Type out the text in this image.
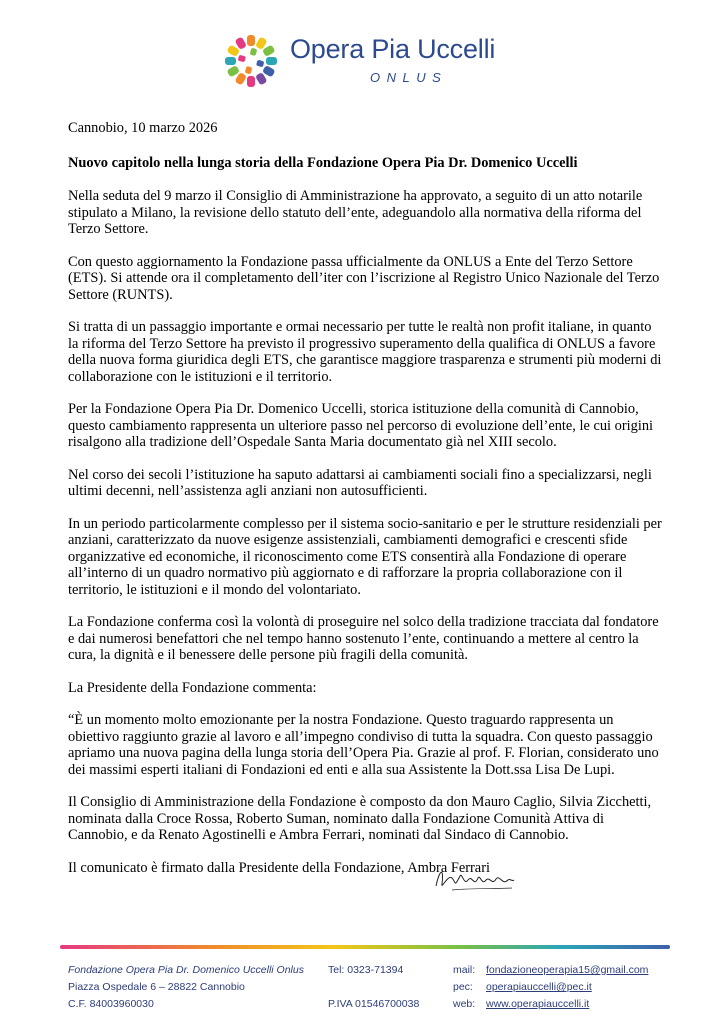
Opera Pia Uccelli
ONLUS

Cannobio, 10 marzo 2026

Nuovo capitolo nella lunga storia della Fondazione Opera Pia Dr. Domenico Uccelli

Nella seduta del 9 marzo il Consiglio di Amministrazione ha approvato, a seguito di un atto notarile stipulato a Milano, la revisione dello statuto dell’ente, adeguandolo alla normativa della riforma del Terzo Settore.

Con questo aggiornamento la Fondazione passa ufficialmente da ONLUS a Ente del Terzo Settore (ETS). Si attende ora il completamento dell’iter con l’iscrizione al Registro Unico Nazionale del Terzo Settore (RUNTS).

Si tratta di un passaggio importante e ormai necessario per tutte le realtà non profit italiane, in quanto la riforma del Terzo Settore ha previsto il progressivo superamento della qualifica di ONLUS a favore della nuova forma giuridica degli ETS, che garantisce maggiore trasparenza e strumenti più moderni di collaborazione con le istituzioni e il territorio.

Per la Fondazione Opera Pia Dr. Domenico Uccelli, storica istituzione della comunità di Cannobio, questo cambiamento rappresenta un ulteriore passo nel percorso di evoluzione dell’ente, le cui origini risalgono alla tradizione dell’Ospedale Santa Maria documentato già nel XIII secolo.

Nel corso dei secoli l’istituzione ha saputo adattarsi ai cambiamenti sociali fino a specializzarsi, negli ultimi decenni, nell’assistenza agli anziani non autosufficienti.

In un periodo particolarmente complesso per il sistema socio-sanitario e per le strutture residenziali per anziani, caratterizzato da nuove esigenze assistenziali, cambiamenti demografici e crescenti sfide organizzative ed economiche, il riconoscimento come ETS consentirà alla Fondazione di operare all’interno di un quadro normativo più aggiornato e di rafforzare la propria collaborazione con il territorio, le istituzioni e il mondo del volontariato.

La Fondazione conferma così la volontà di proseguire nel solco della tradizione tracciata dal fondatore e dai numerosi benefattori che nel tempo hanno sostenuto l’ente, continuando a mettere al centro la cura, la dignità e il benessere delle persone più fragili della comunità.

La Presidente della Fondazione commenta:

“È un momento molto emozionante per la nostra Fondazione. Questo traguardo rappresenta un obiettivo raggiunto grazie al lavoro e all’impegno condiviso di tutta la squadra. Con questo passaggio apriamo una nuova pagina della lunga storia dell’Opera Pia. Grazie al prof. F. Florian, considerato uno dei massimi esperti italiani di Fondazioni ed enti e alla sua Assistente la Dott.ssa Lisa De Lupi.

Il Consiglio di Amministrazione della Fondazione è composto da don Mauro Caglio, Silvia Zicchetti, nominata dalla Croce Rossa, Roberto Suman, nominato dalla Fondazione Comunità Attiva di Cannobio, e da Renato Agostinelli e Ambra Ferrari, nominati dal Sindaco di Cannobio.

Il comunicato è firmato dalla Presidente della Fondazione, Ambra Ferrari

Fondazione Opera Pia Dr. Domenico Uccelli Onlus
Piazza Ospedale 6 – 28822 Cannobio
C.F. 84003960030
Tel: 0323-71394

P.IVA 01546700038
mail: fondazioneoperapia15@gmail.com
pec: operapiauccelli@pec.it
web: www.operapiauccelli.it
